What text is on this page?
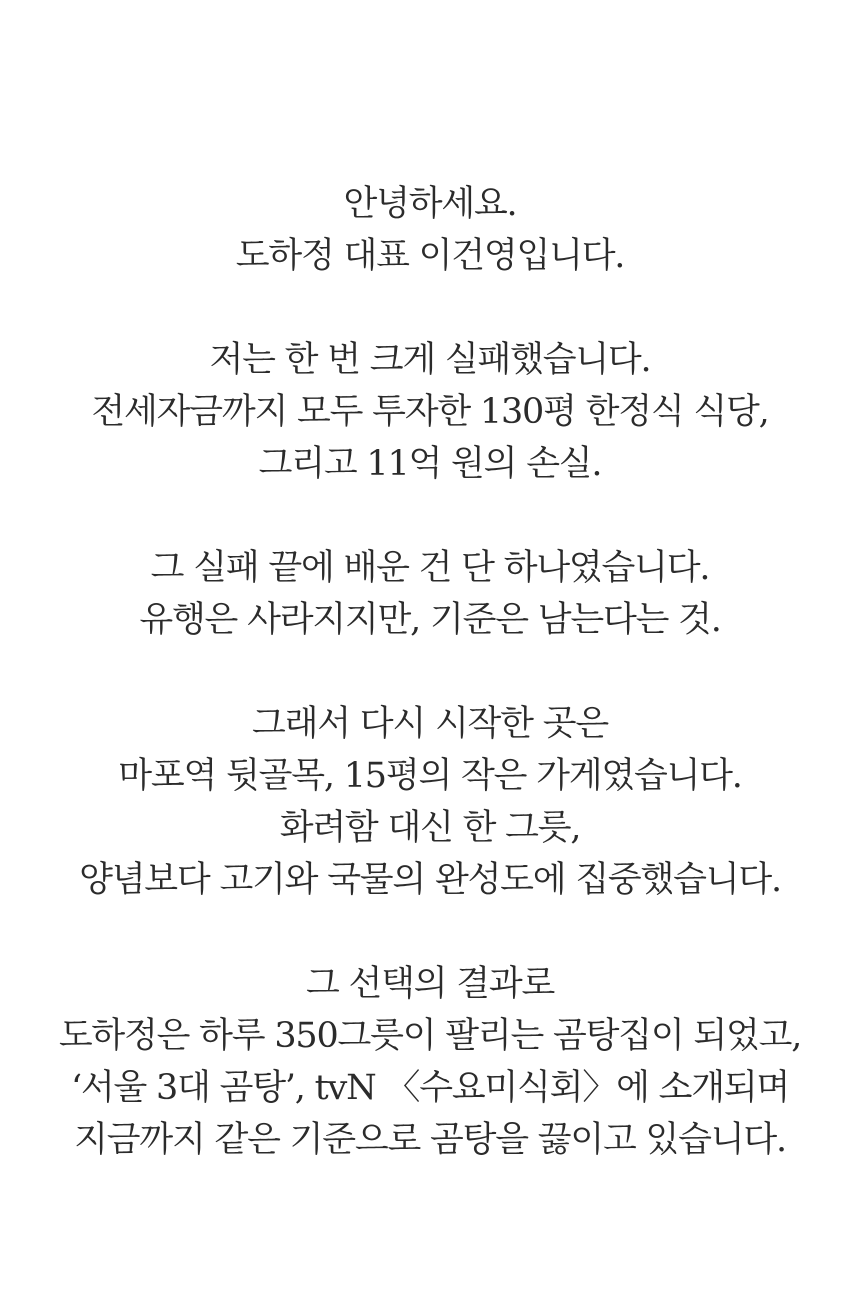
안녕하세요.
도하정 대표 이건영입니다.
저는 한 번 크게 실패했습니다.
전세자금까지 모두 투자한 130평 한정식 식당,
그리고 11억 원의 손실.
그 실패 끝에 배운 건 단 하나였습니다.
유행은 사라지지만, 기준은 남는다는 것.
그래서 다시 시작한 곳은
마포역 뒷골목, 15평의 작은 가게였습니다.
화려함 대신 한 그릇,
양념보다 고기와 국물의 완성도에 집중했습니다.
그 선택의 결과로
도하정은 하루 350그릇이 팔리는 곰탕집이 되었고,
‘서울 3대 곰탕’, tvN 〈수요미식회〉에 소개되며
지금까지 같은 기준으로 곰탕을 끓이고 있습니다.
